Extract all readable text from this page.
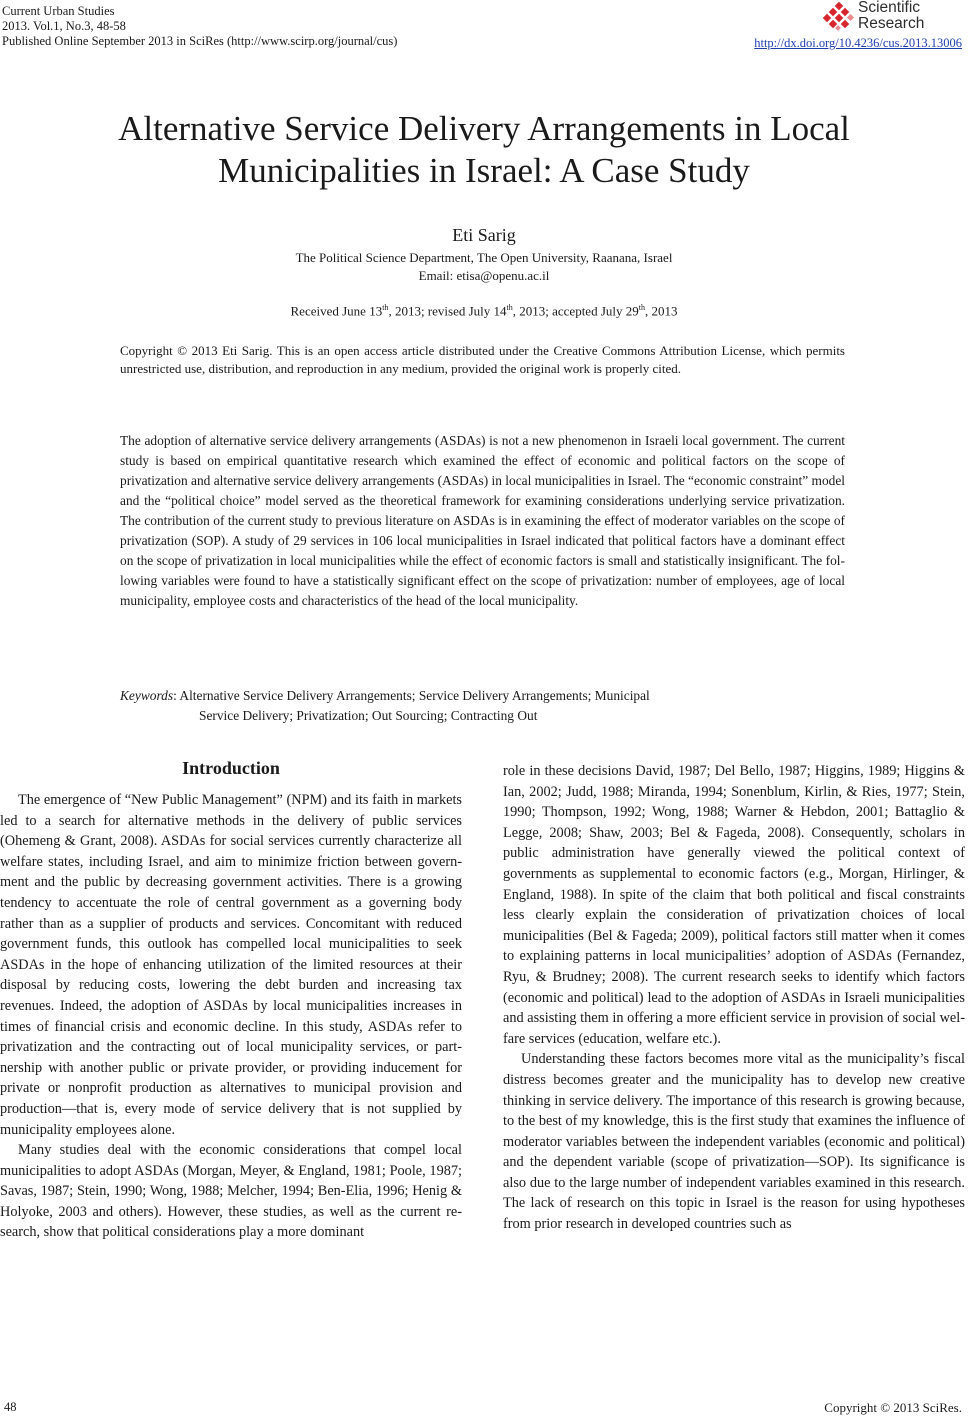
Current Urban Studies
2013. Vol.1, No.3, 48-58
Published Online September 2013 in SciRes (http://www.scirp.org/journal/cus)
Scientific
Research
http://dx.doi.org/10.4236/cus.2013.13006
Alternative Service Delivery Arrangements in Local
Municipalities in Israel: A Case Study
Eti Sarig
The Political Science Department, The Open University, Raanana, Israel
Email: etisa@openu.ac.il
Received June 13th, 2013; revised July 14th, 2013; accepted July 29th, 2013
Copyright © 2013 Eti Sarig. This is an open access article distributed under the Creative Commons Attribution License, which permits unrestricted use, distribution, and reproduction in any medium, provided the original work is properly cited.
The adoption of alternative service delivery arrangements (ASDAs) is not a new phenomenon in Israeli local government. The current study is based on empirical quantitative research which examined the effect of economic and political factors on the scope of privatization and alternative service delivery arrangements (ASDAs) in local municipalities in Israel. The “economic constraint” model and the “political choice” model served as the theoretical framework for examining considerations underlying service privatization. The contribution of the current study to previous literature on ASDAs is in examining the effect of moderator variables on the scope of privatization (SOP). A study of 29 services in 106 local municipalities in Israel indicated that political factors have a dominant effect on the scope of privatization in local municipalities while the effect of economic factors is small and statistically insignificant. The following variables were found to have a statistically significant effect on the scope of privatization: number of employees, age of local municipality, employee costs and characteristics of the head of the local municipality.
Keywords: Alternative Service Delivery Arrangements; Service Delivery Arrangements; Municipal
Service Delivery; Privatization; Out Sourcing; Contracting Out
Introduction

The emergence of “New Public Management” (NPM) and its faith in markets led to a search for alternative methods in the delivery of public services (Ohemeng & Grant, 2008). ASDAs for social services currently characterize all welfare states, including Israel, and aim to minimize friction between government and the public by decreasing government activities. There is a growing tendency to accentuate the role of central government as a governing body rather than as a supplier of products and services. Concomitant with reduced government funds, this outlook has compelled local municipalities to seek ASDAs in the hope of enhancing utilization of the limited resources at their disposal by reducing costs, lowering the debt burden and increasing tax revenues. Indeed, the adoption of ASDAs by local municipalities increases in times of financial crisis and economic decline. In this study, ASDAs refer to privatization and the contracting out of local municipality services, or partnership with another public or private provider, or providing inducement for private or nonprofit production as alternatives to municipal provision and production—that is, every mode of service delivery that is not supplied by municipality employees alone.

Many studies deal with the economic considerations that compel local municipalities to adopt ASDAs (Morgan, Meyer, & England, 1981; Poole, 1987; Savas, 1987; Stein, 1990; Wong, 1988; Melcher, 1994; Ben-Elia, 1996; Henig & Holyoke, 2003 and others). However, these studies, as well as the current research, show that political considerations play a more dominant

role in these decisions David, 1987; Del Bello, 1987; Higgins, 1989; Higgins & Ian, 2002; Judd, 1988; Miranda, 1994; Sonenblum, Kirlin, & Ries, 1977; Stein, 1990; Thompson, 1992; Wong, 1988; Warner & Hebdon, 2001; Battaglio & Legge, 2008; Shaw, 2003; Bel & Fageda, 2008). Consequently, scholars in public administration have generally viewed the political context of governments as supplemental to economic factors (e.g., Morgan, Hirlinger, & England, 1988). In spite of the claim that both political and fiscal constraints less clearly explain the consideration of privatization choices of local municipalities (Bel & Fageda; 2009), political factors still matter when it comes to explaining patterns in local municipalities’ adoption of ASDAs (Fernandez, Ryu, & Brudney; 2008). The current research seeks to identify which factors (economic and political) lead to the adoption of ASDAs in Israeli municipalities and assisting them in offering a more efficient service in provision of social welfare services (education, welfare etc.).

Understanding these factors becomes more vital as the municipality’s fiscal distress becomes greater and the municipality has to develop new creative thinking in service delivery. The importance of this research is growing because, to the best of my knowledge, this is the first study that examines the influence of moderator variables between the independent variables (economic and political) and the dependent variable (scope of privatization—SOP). Its significance is also due to the large number of independent variables examined in this research. The lack of research on this topic in Israel is the reason for using hypotheses from prior research in developed countries such as

48	Copyright © 2013 SciRes.
